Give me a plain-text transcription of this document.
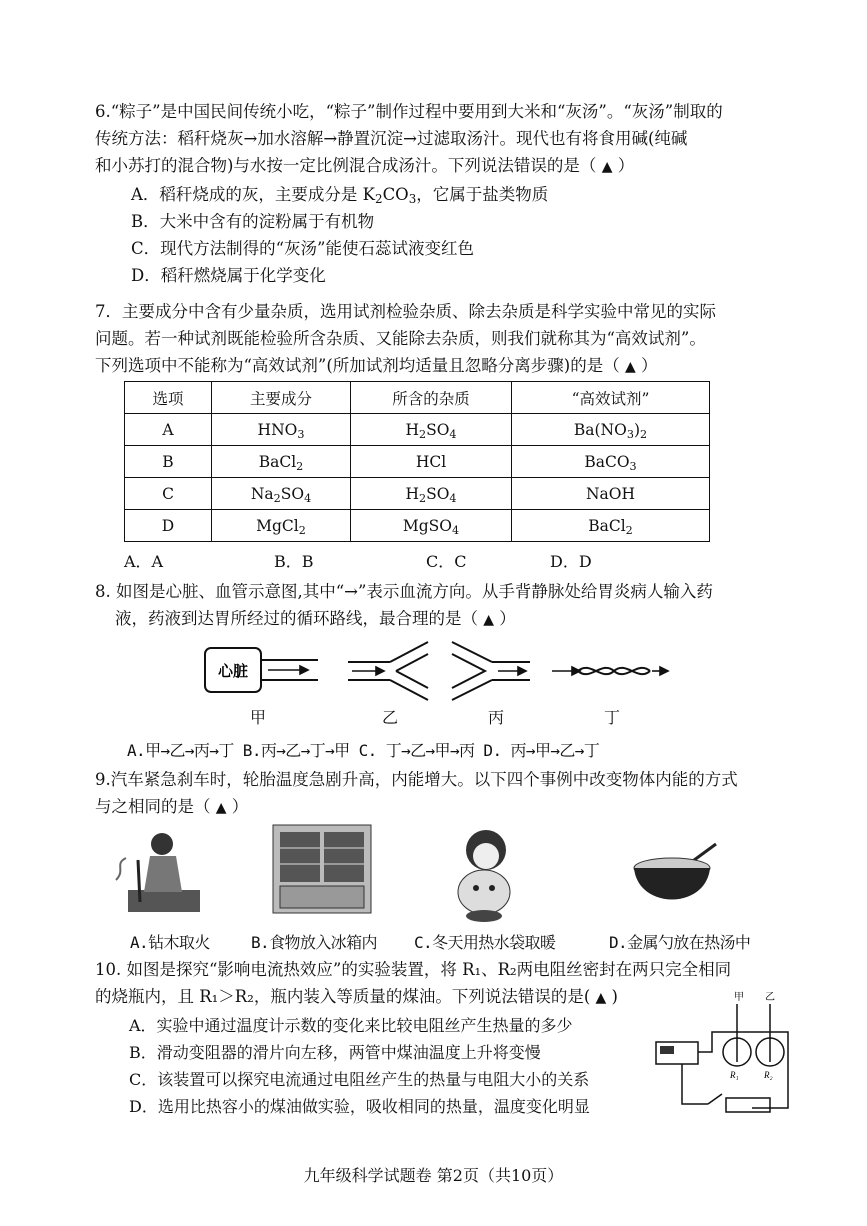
6.“粽子”是中国民间传统小吃，“粽子”制作过程中要用到大米和“灰汤”。“灰汤”制取的

传统方法：稻秆烧灰→加水溶解→静置沉淀→过滤取汤汁。现代也有将食用碱(纯碱

和小苏打的混合物)与水按一定比例混合成汤汁。下列说法错误的是（ ▲ ）

A．稻秆烧成的灰，主要成分是 $K_2CO_3$，它属于盐类物质

B．大米中含有的淀粉属于有机物

C．现代方法制得的“灰汤”能使石蕊试液变红色

D．稻秆燃烧属于化学变化

7．主要成分中含有少量杂质，选用试剂检验杂质、除去杂质是科学实验中常见的实际

问题。若一种试剂既能检验所含杂质、又能除去杂质，则我们就称其为“高效试剂”。

下列选项中不能称为“高效试剂”(所加试剂均适量且忽略分离步骤)的是（ ▲ ）

选项	主要成分	所含的杂质	“高效试剂”
A	$HNO_3$	$H_2SO_4$	$Ba(NO_3)_2$
B	BaCl$_2$	HCl	BaCO$_3$
C	$Na_2SO_4$	$H_2SO_4$	NaOH
D	MgCl$_2$	MgSO$_4$	BaCl$_2$
A．A	B．B	C．C	D．D

8. 如图是心脏、血管示意图,其中“→”表示血流方向。从手背静脉处给胃炎病人输入药

液，药液到达胃所经过的循环路线，最合理的是（ ▲ ）

心脏
甲	乙	丙	丁
A.甲→乙→丙→丁 B.丙→乙→丁→甲 C. 丁→乙→甲→丙 D. 丙→甲→乙→丁

9.汽车紧急刹车时，轮胎温度急剧升高，内能增大。以下四个事例中改变物体内能的方式

与之相同的是（ ▲ ）

A.钻木取火	B.食物放入冰箱内 C.冬天用热水袋取暖	D.金属勺放在热汤中

10. 如图是探究“影响电流热效应”的实验装置，将 R₁、R₂两电阻丝密封在两只完全相同

的烧瓶内，且 R₁＞R₂，瓶内装入等质量的煤油。下列说法错误的是( ▲ )

A．实验中通过温度计示数的变化来比较电阻丝产生热量的多少

B．滑动变阻器的滑片向左移，两管中煤油温度上升将变慢

C．该装置可以探究电流通过电阻丝产生的热量与电阻大小的关系

D．选用比热容小的煤油做实验，吸收相同的热量，温度变化明显

甲 乙
R₁	R₂
九年级科学试题卷 第2页（共10页）
